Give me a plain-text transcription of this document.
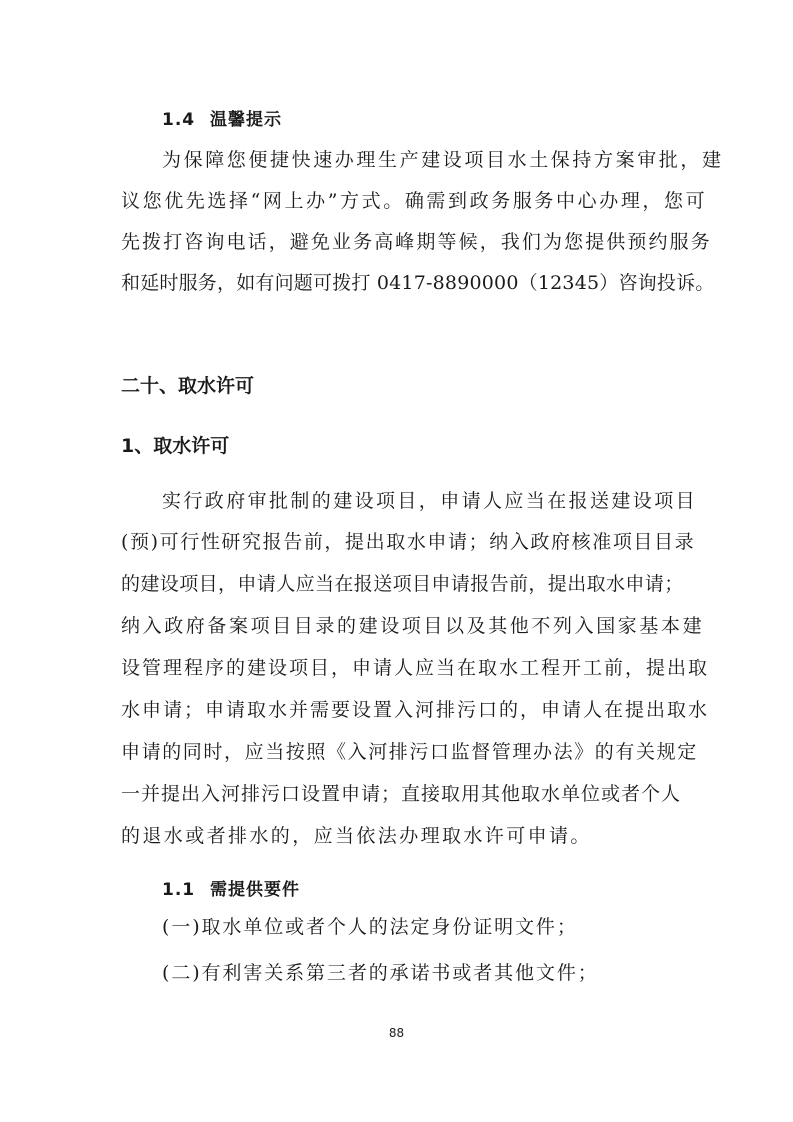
1.4 温馨提示
为保障您便捷快速办理生产建设项目水土保持方案审批，建
议您优先选择“网上办”方式。确需到政务服务中心办理，您可
先拨打咨询电话，避免业务高峰期等候，我们为您提供预约服务
和延时服务，如有问题可拨打 0417-8890000（12345）咨询投诉。
二十、取水许可
1、取水许可
实行政府审批制的建设项目，申请人应当在报送建设项目
(预)可行性研究报告前，提出取水申请；纳入政府核准项目目录
的建设项目，申请人应当在报送项目申请报告前，提出取水申请；
纳入政府备案项目目录的建设项目以及其他不列入国家基本建
设管理程序的建设项目，申请人应当在取水工程开工前，提出取
水申请；申请取水并需要设置入河排污口的，申请人在提出取水
申请的同时，应当按照《入河排污口监督管理办法》的有关规定
一并提出入河排污口设置申请；直接取用其他取水单位或者个人
的退水或者排水的，应当依法办理取水许可申请。
1.1 需提供要件
(一)取水单位或者个人的法定身份证明文件；
(二)有利害关系第三者的承诺书或者其他文件；
88
